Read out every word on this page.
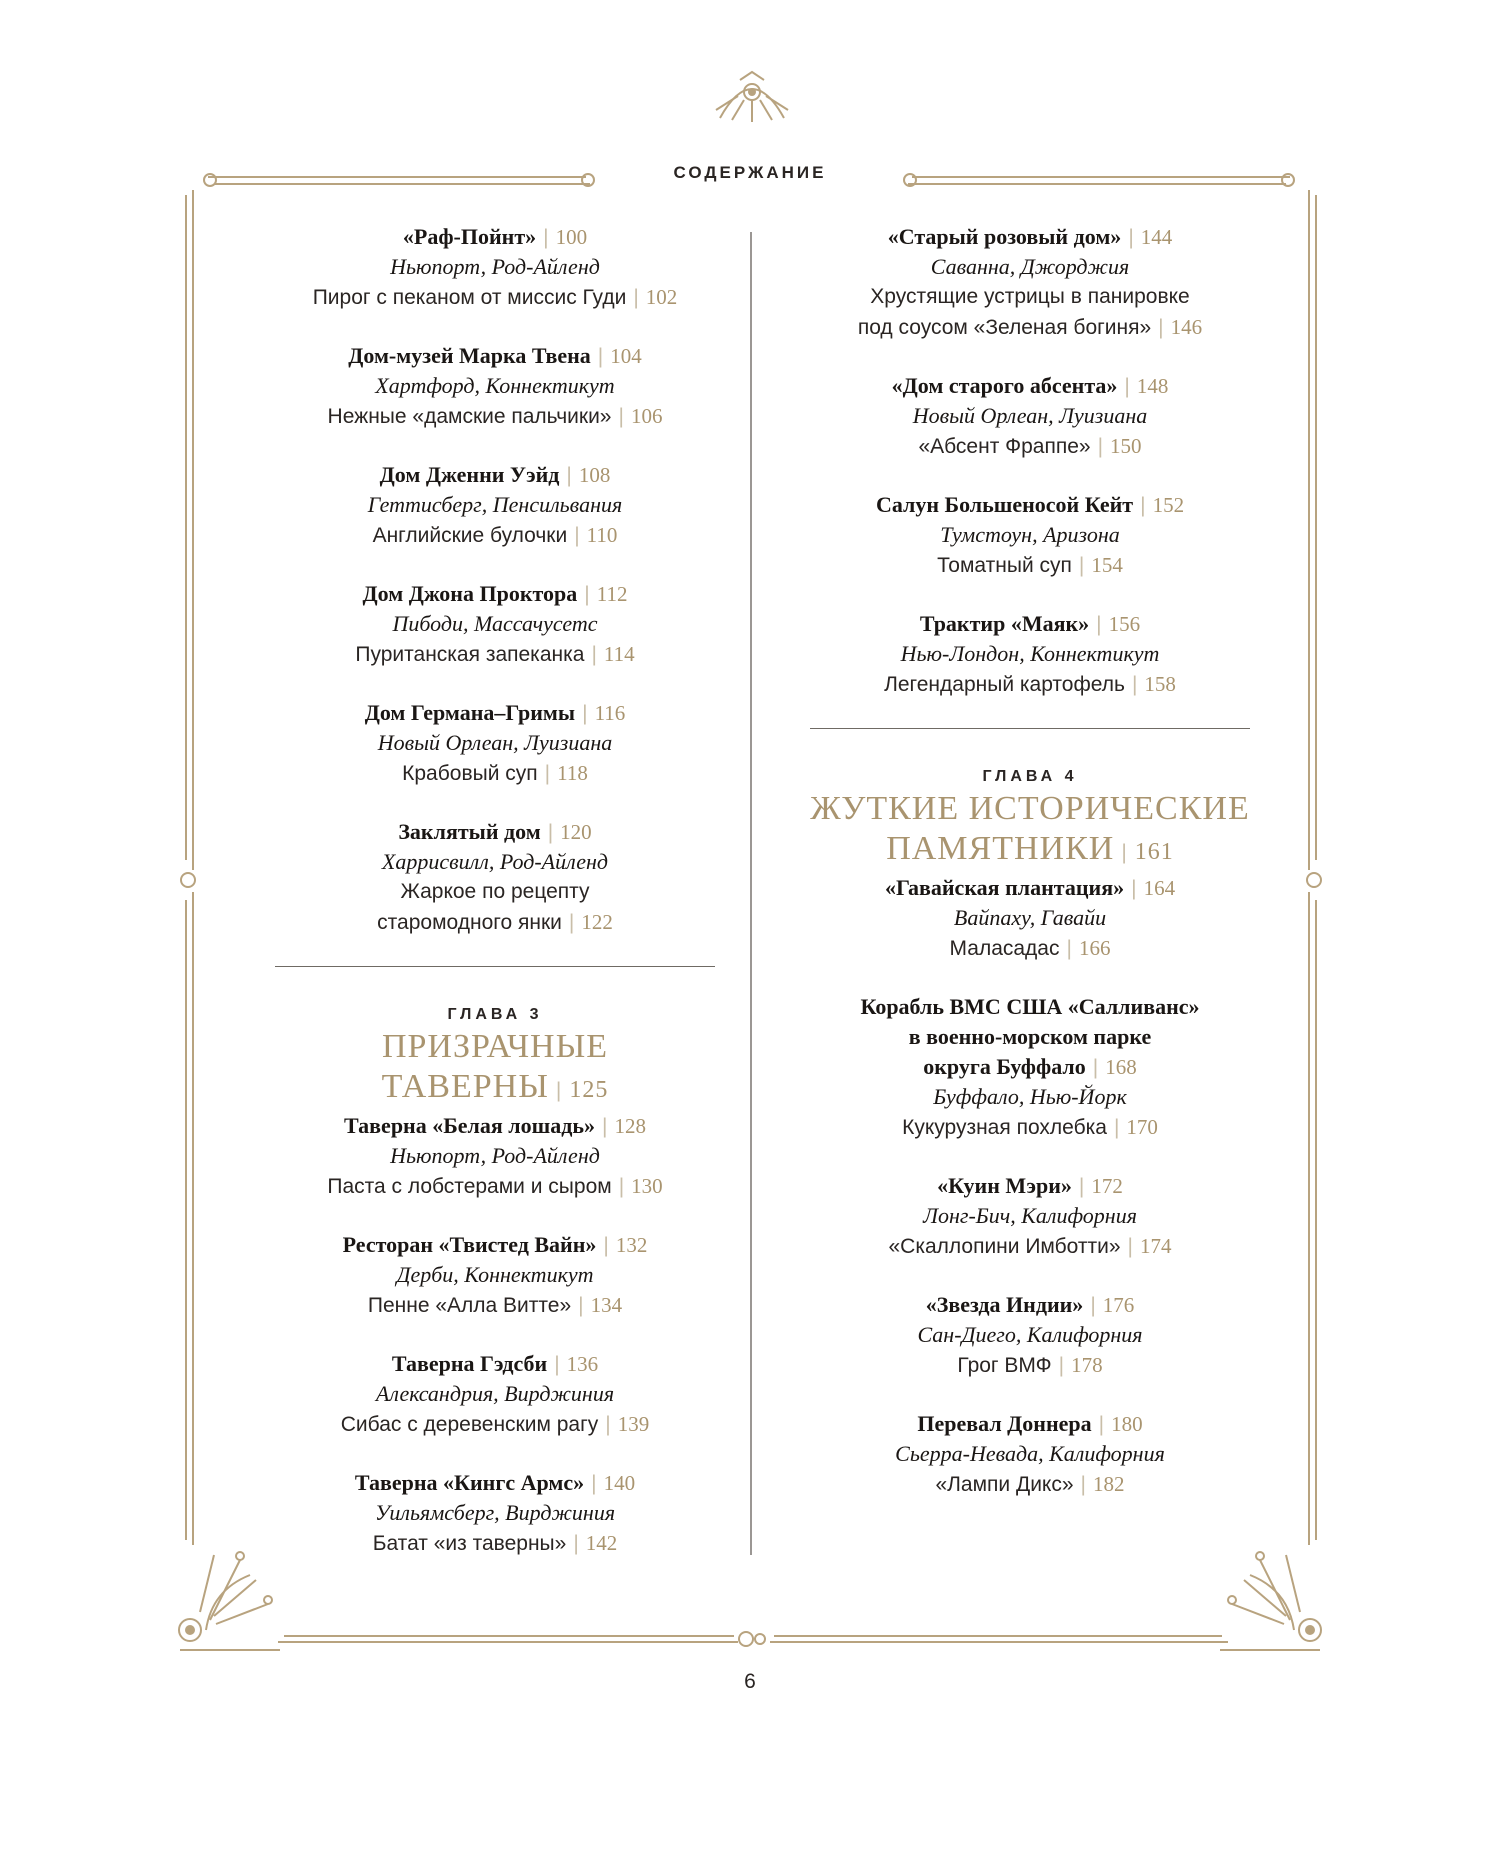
СОДЕРЖАНИЕ
«Раф-Пойнт» | 100
Ньюпорт, Род-Айленд
Пирог с пеканом от миссис Гуди | 102
Дом-музей Марка Твена | 104
Хартфорд, Коннектикут
Нежные «дамские пальчики» | 106
Дом Дженни Уэйд | 108
Геттисберг, Пенсильвания
Английские булочки | 110
Дом Джона Проктора | 112
Пибоди, Массачусетс
Пуританская запеканка | 114
Дом Германа–Гримы | 116
Новый Орлеан, Луизиана
Крабовый суп | 118
Заклятый дом | 120
Харрисвилл, Род-Айленд
Жаркое по рецепту
старомодного янки | 122
ГЛАВА 3
ПРИЗРАЧНЫЕ ТАВЕРНЫ | 125
Таверна «Белая лошадь» | 128
Ньюпорт, Род-Айленд
Паста с лобстерами и сыром | 130
Ресторан «Твистед Вайн» | 132
Дерби, Коннектикут
Пенне «Алла Витте» | 134
Таверна Гэдсби | 136
Александрия, Вирджиния
Сибас с деревенским рагу | 139
Таверна «Кингс Армс» | 140
Уильямсберг, Вирджиния
Батат «из таверны» | 142
«Старый розовый дом» | 144
Саванна, Джорджия
Хрустящие устрицы в панировке
под соусом «Зеленая богиня» | 146
«Дом старого абсента» | 148
Новый Орлеан, Луизиана
«Абсент Фраппе» | 150
Салун Большеносой Кейт | 152
Тумстоун, Аризона
Томатный суп | 154
Трактир «Маяк» | 156
Нью-Лондон, Коннектикут
Легендарный картофель | 158
ГЛАВА 4
ЖУТКИЕ ИСТОРИЧЕСКИЕ
ПАМЯТНИКИ | 161
«Гавайская плантация» | 164
Вайпаху, Гавайи
Маласадас | 166
Корабль ВМС США «Салливанс»
в военно-морском парке
округа Буффало | 168
Буффало, Нью-Йорк
Кукурузная похлебка | 170
«Куин Мэри» | 172
Лонг-Бич, Калифорния
«Скаллопини Имботти» | 174
«Звезда Индии» | 176
Сан-Диего, Калифорния
Грог ВМФ | 178
Перевал Доннера | 180
Сьерра-Невада, Калифорния
«Лампи Дикс» | 182
6
